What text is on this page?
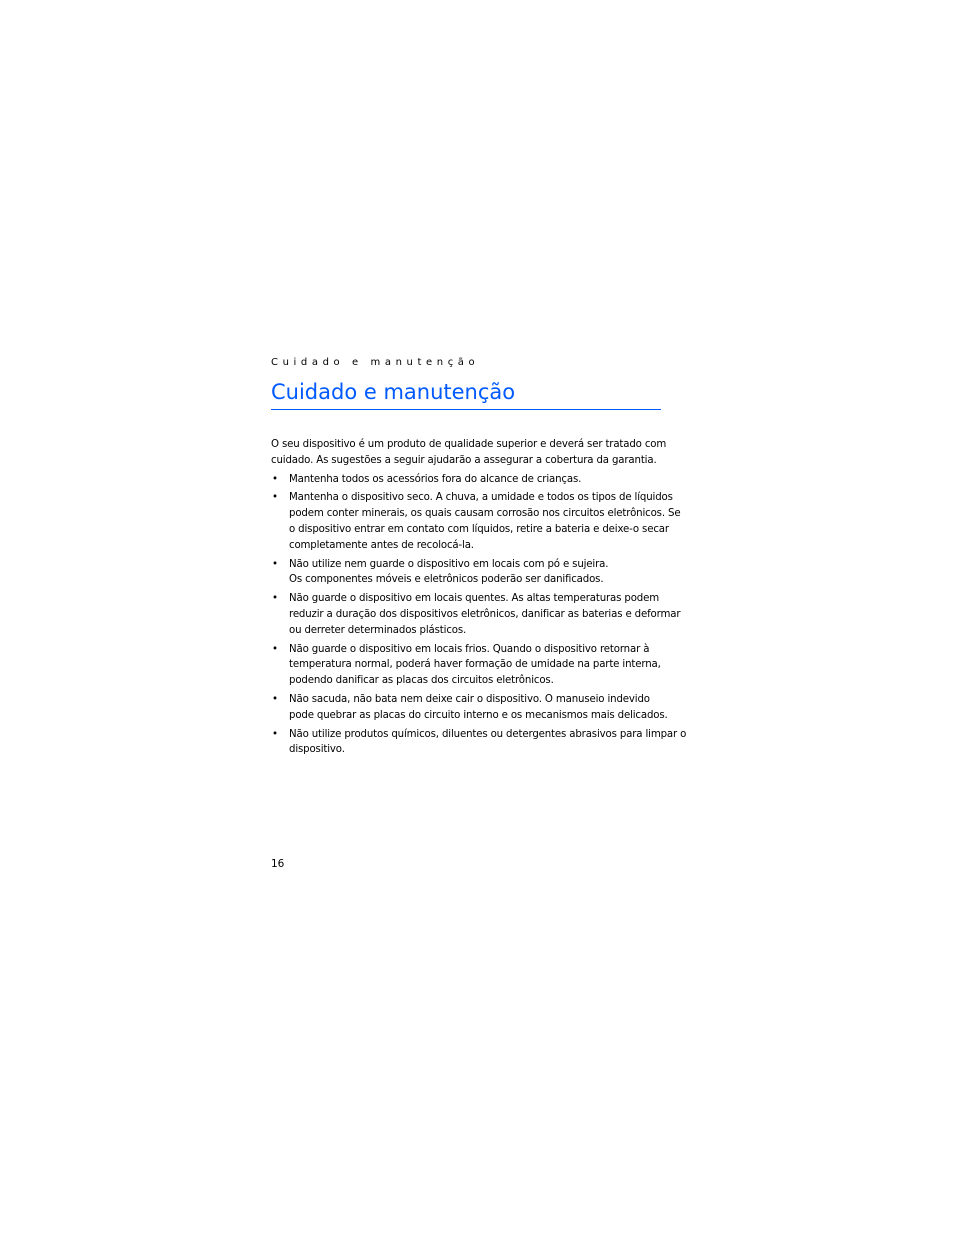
Cuidado e manutenção
Cuidado e manutenção

O seu dispositivo é um produto de qualidade superior e deverá ser tratado com
cuidado. As sugestões a seguir ajudarão a assegurar a cobertura da garantia.

• Mantenha todos os acessórios fora do alcance de crianças.
• Mantenha o dispositivo seco. A chuva, a umidade e todos os tipos de líquidos
podem conter minerais, os quais causam corrosão nos circuitos eletrônicos. Se
o dispositivo entrar em contato com líquidos, retire a bateria e deixe-o secar
completamente antes de recolocá-la.
• Não utilize nem guarde o dispositivo em locais com pó e sujeira.
Os componentes móveis e eletrônicos poderão ser danificados.
• Não guarde o dispositivo em locais quentes. As altas temperaturas podem
reduzir a duração dos dispositivos eletrônicos, danificar as baterias e deformar
ou derreter determinados plásticos.
• Não guarde o dispositivo em locais frios. Quando o dispositivo retornar à
temperatura normal, poderá haver formação de umidade na parte interna,
podendo danificar as placas dos circuitos eletrônicos.
• Não sacuda, não bata nem deixe cair o dispositivo. O manuseio indevido
pode quebrar as placas do circuito interno e os mecanismos mais delicados.
• Não utilize produtos químicos, diluentes ou detergentes abrasivos para limpar o
dispositivo.
16
